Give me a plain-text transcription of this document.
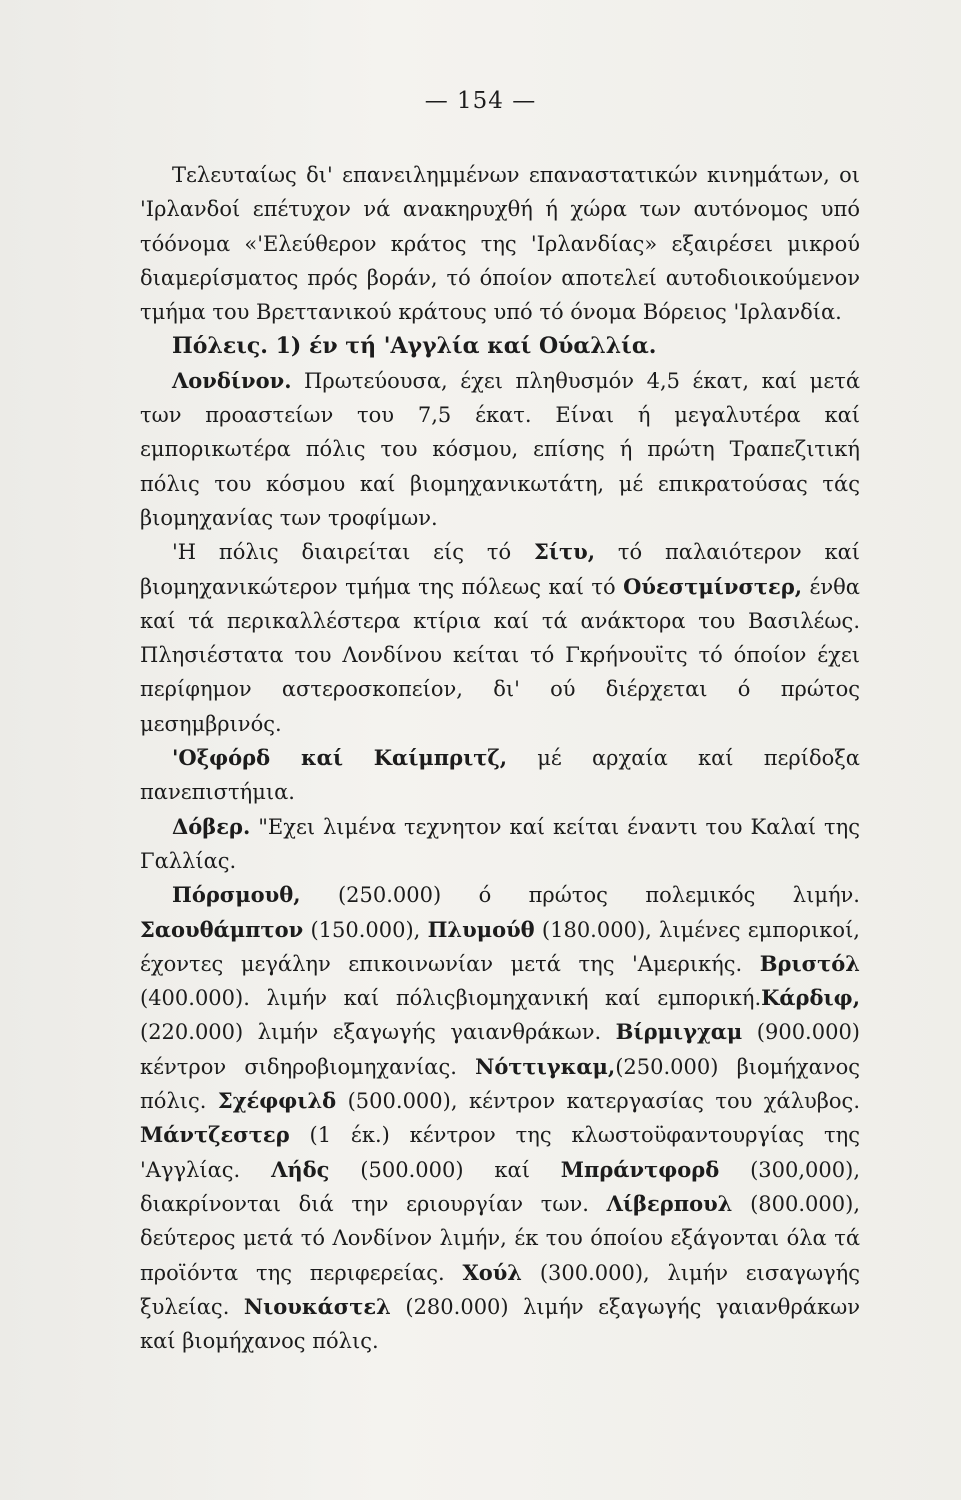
— 154 —

Τελευταίως δι' επανειλημμένων επαναστατικών κινημάτων, οι 'Ιρλανδοί επέτυχον νά ανακηρυχθή ή χώρα των αυτόνομος υπό τόόνομα «'Ελεύθερον κράτος της 'Ιρλανδίας» εξαιρέσει μικρού διαμερίσματος πρός βοράν, τό όποίον αποτελεί αυτοδιοικούμενον τμήμα του Βρεττανικού κράτους υπό τό όνομα Βόρειος 'Ιρλανδία.

Πόλεις. 1) έν τή 'Αγγλία καί Ούαλλία.

Λονδίνον. Πρωτεύουσα, έχει πληθυσμόν 4,5 έκατ, καί μετά των προαστείων του 7,5 έκατ. Είναι ή μεγαλυτέρα καί εμπορικωτέρα πόλις του κόσμου, επίσης ή πρώτη Τραπεζιτική πόλις του κόσμου καί βιομηχανικωτάτη, μέ επικρατούσας τάς βιομηχανίας των τροφίμων.

'Η πόλις διαιρείται είς τό Σίτυ, τό παλαιότερον καί βιομηχανικώτερον τμήμα της πόλεως καί τό Ούεστμίνστερ, ένθα καί τά περικαλλέστερα κτίρια καί τά ανάκτορα του Βασιλέως. Πλησιέστατα του Λονδίνου κείται τό Γκρήνουϊτς τό όποίον έχει περίφημον αστεροσκοπείον, δι' ού διέρχεται ό πρώτος μεσημβρινός.

'Οξφόρδ καί Καίμπριτζ, μέ αρχαία καί περίδοξα πανεπιστήμια.

Δόβερ. "Εχει λιμένα τεχνητον καί κείται έναντι του Καλαί της Γαλλίας.

Πόρσμουθ, (250.000) ό πρώτος πολεμικός λιμήν. Σαουθάμπτον (150.000), Πλυμούθ (180.000), λιμένες εμπορικοί, έχοντες μεγάλην επικοινωνίαν μετά της 'Αμερικής. Βριστόλ (400.000). λιμήν καί πόλιςβιομηχανική καί εμπορική.Κάρδιφ, (220.000) λιμήν εξαγωγής γαιανθράκων. Βίρμιγχαμ (900.000) κέντρον σιδηροβιομηχανίας. Νόττιγκαμ,(250.000) βιομήχανος πόλις. Σχέφφιλδ (500.000), κέντρον κατεργασίας του χάλυβος. Μάντζεστερ (1 έκ.) κέντρον της κλωστοϋφαντουργίας της 'Αγγλίας. Λήδς (500.000) καί Μπράντφορδ (300,000), διακρίνονται διά την εριουργίαν των. Λίβερπουλ (800.000), δεύτερος μετά τό Λονδίνον λιμήν, έκ του όποίου εξάγονται όλα τά προϊόντα της περιφερείας. Χούλ (300.000), λιμήν εισαγωγής ξυλείας. Νιουκάστελ (280.000) λιμήν εξαγωγής γαιανθράκων καί βιομήχανος πόλις.
